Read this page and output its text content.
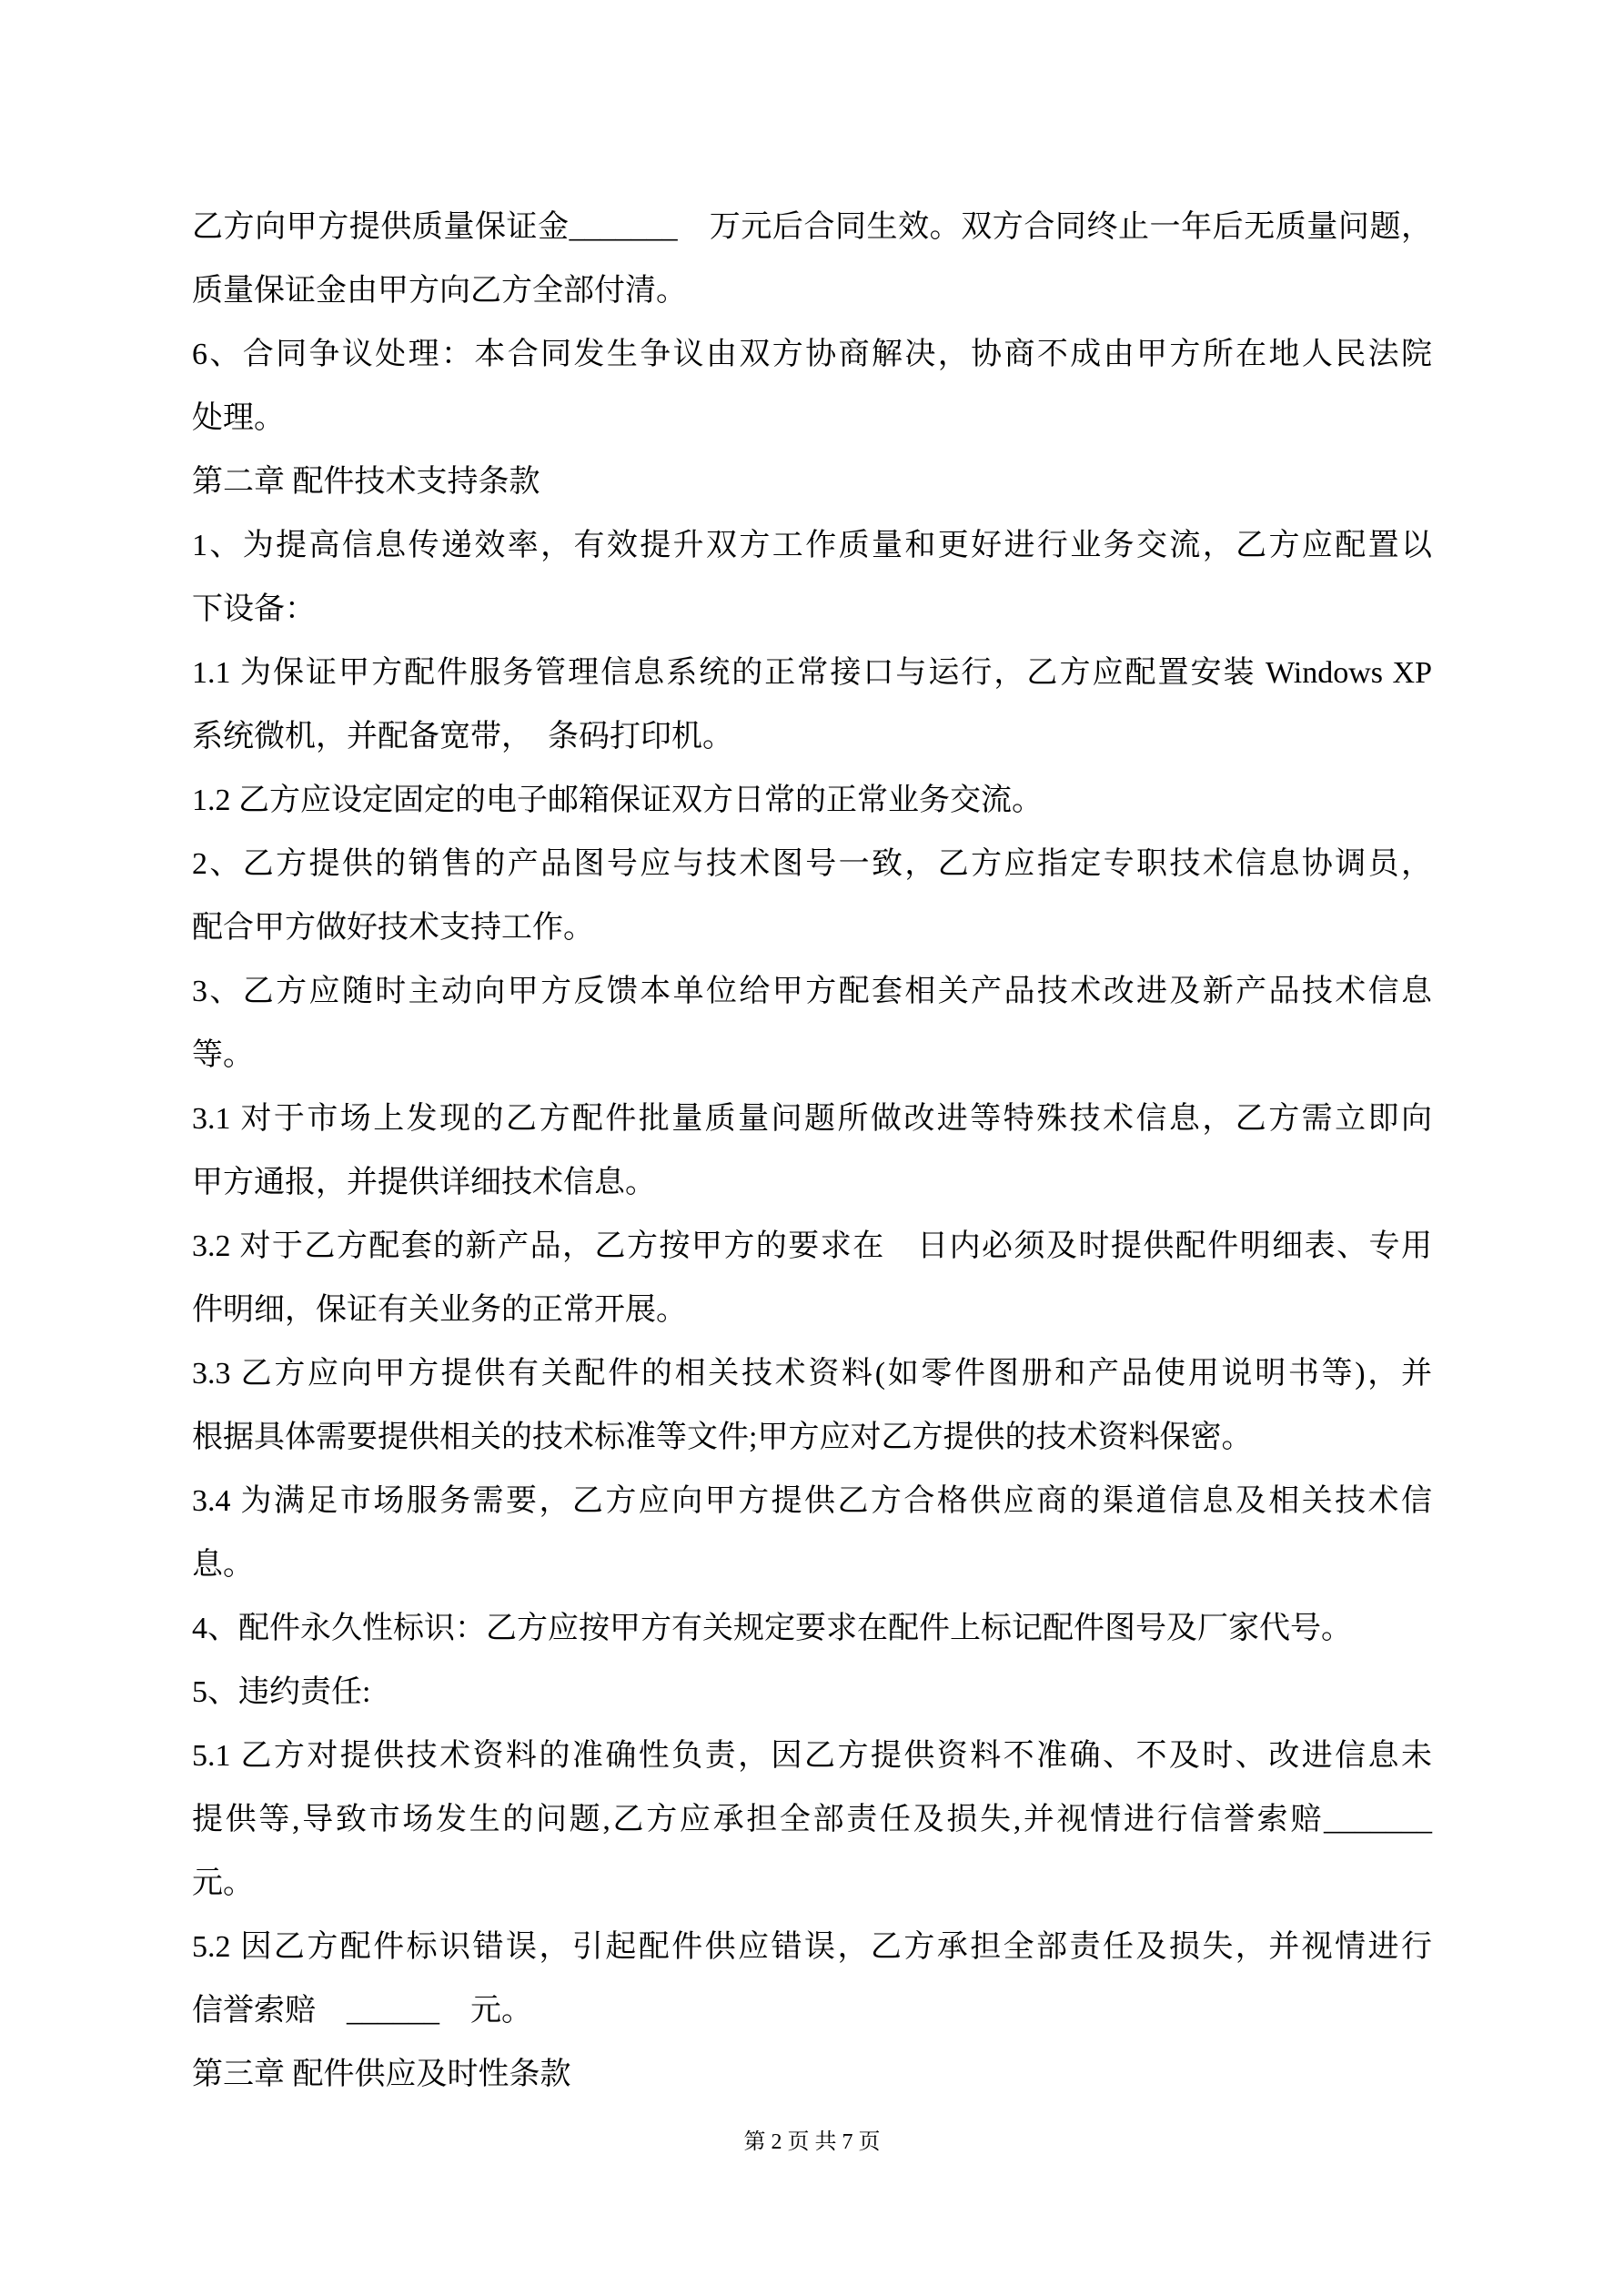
乙方向甲方提供质量保证金_______　万元后合同生效。双方合同终止一年后无质量问题，
质量保证金由甲方向乙方全部付清。
6、合同争议处理：本合同发生争议由双方协商解决，协商不成由甲方所在地人民法院
处理。
第二章 配件技术支持条款
1、为提高信息传递效率，有效提升双方工作质量和更好进行业务交流，乙方应配置以
下设备：
1.1 为保证甲方配件服务管理信息系统的正常接口与运行，乙方应配置安装 Windows XP
系统微机，并配备宽带，　条码打印机。
1.2 乙方应设定固定的电子邮箱保证双方日常的正常业务交流。
2、乙方提供的销售的产品图号应与技术图号一致，乙方应指定专职技术信息协调员，
配合甲方做好技术支持工作。
3、乙方应随时主动向甲方反馈本单位给甲方配套相关产品技术改进及新产品技术信息
等。
3.1 对于市场上发现的乙方配件批量质量问题所做改进等特殊技术信息，乙方需立即向
甲方通报，并提供详细技术信息。
3.2 对于乙方配套的新产品，乙方按甲方的要求在　日内必须及时提供配件明细表、专用
件明细，保证有关业务的正常开展。
3.3 乙方应向甲方提供有关配件的相关技术资料(如零件图册和产品使用说明书等)，并
根据具体需要提供相关的技术标准等文件;甲方应对乙方提供的技术资料保密。
3.4 为满足市场服务需要，乙方应向甲方提供乙方合格供应商的渠道信息及相关技术信
息。
4、配件永久性标识：乙方应按甲方有关规定要求在配件上标记配件图号及厂家代号。
5、违约责任:
5.1 乙方对提供技术资料的准确性负责，因乙方提供资料不准确、不及时、改进信息未
提供等,导致市场发生的问题,乙方应承担全部责任及损失,并视情进行信誉索赔_______
元。
5.2 因乙方配件标识错误，引起配件供应错误，乙方承担全部责任及损失，并视情进行
信誉索赔　______　元。
第三章 配件供应及时性条款
第 2 页 共 7 页
